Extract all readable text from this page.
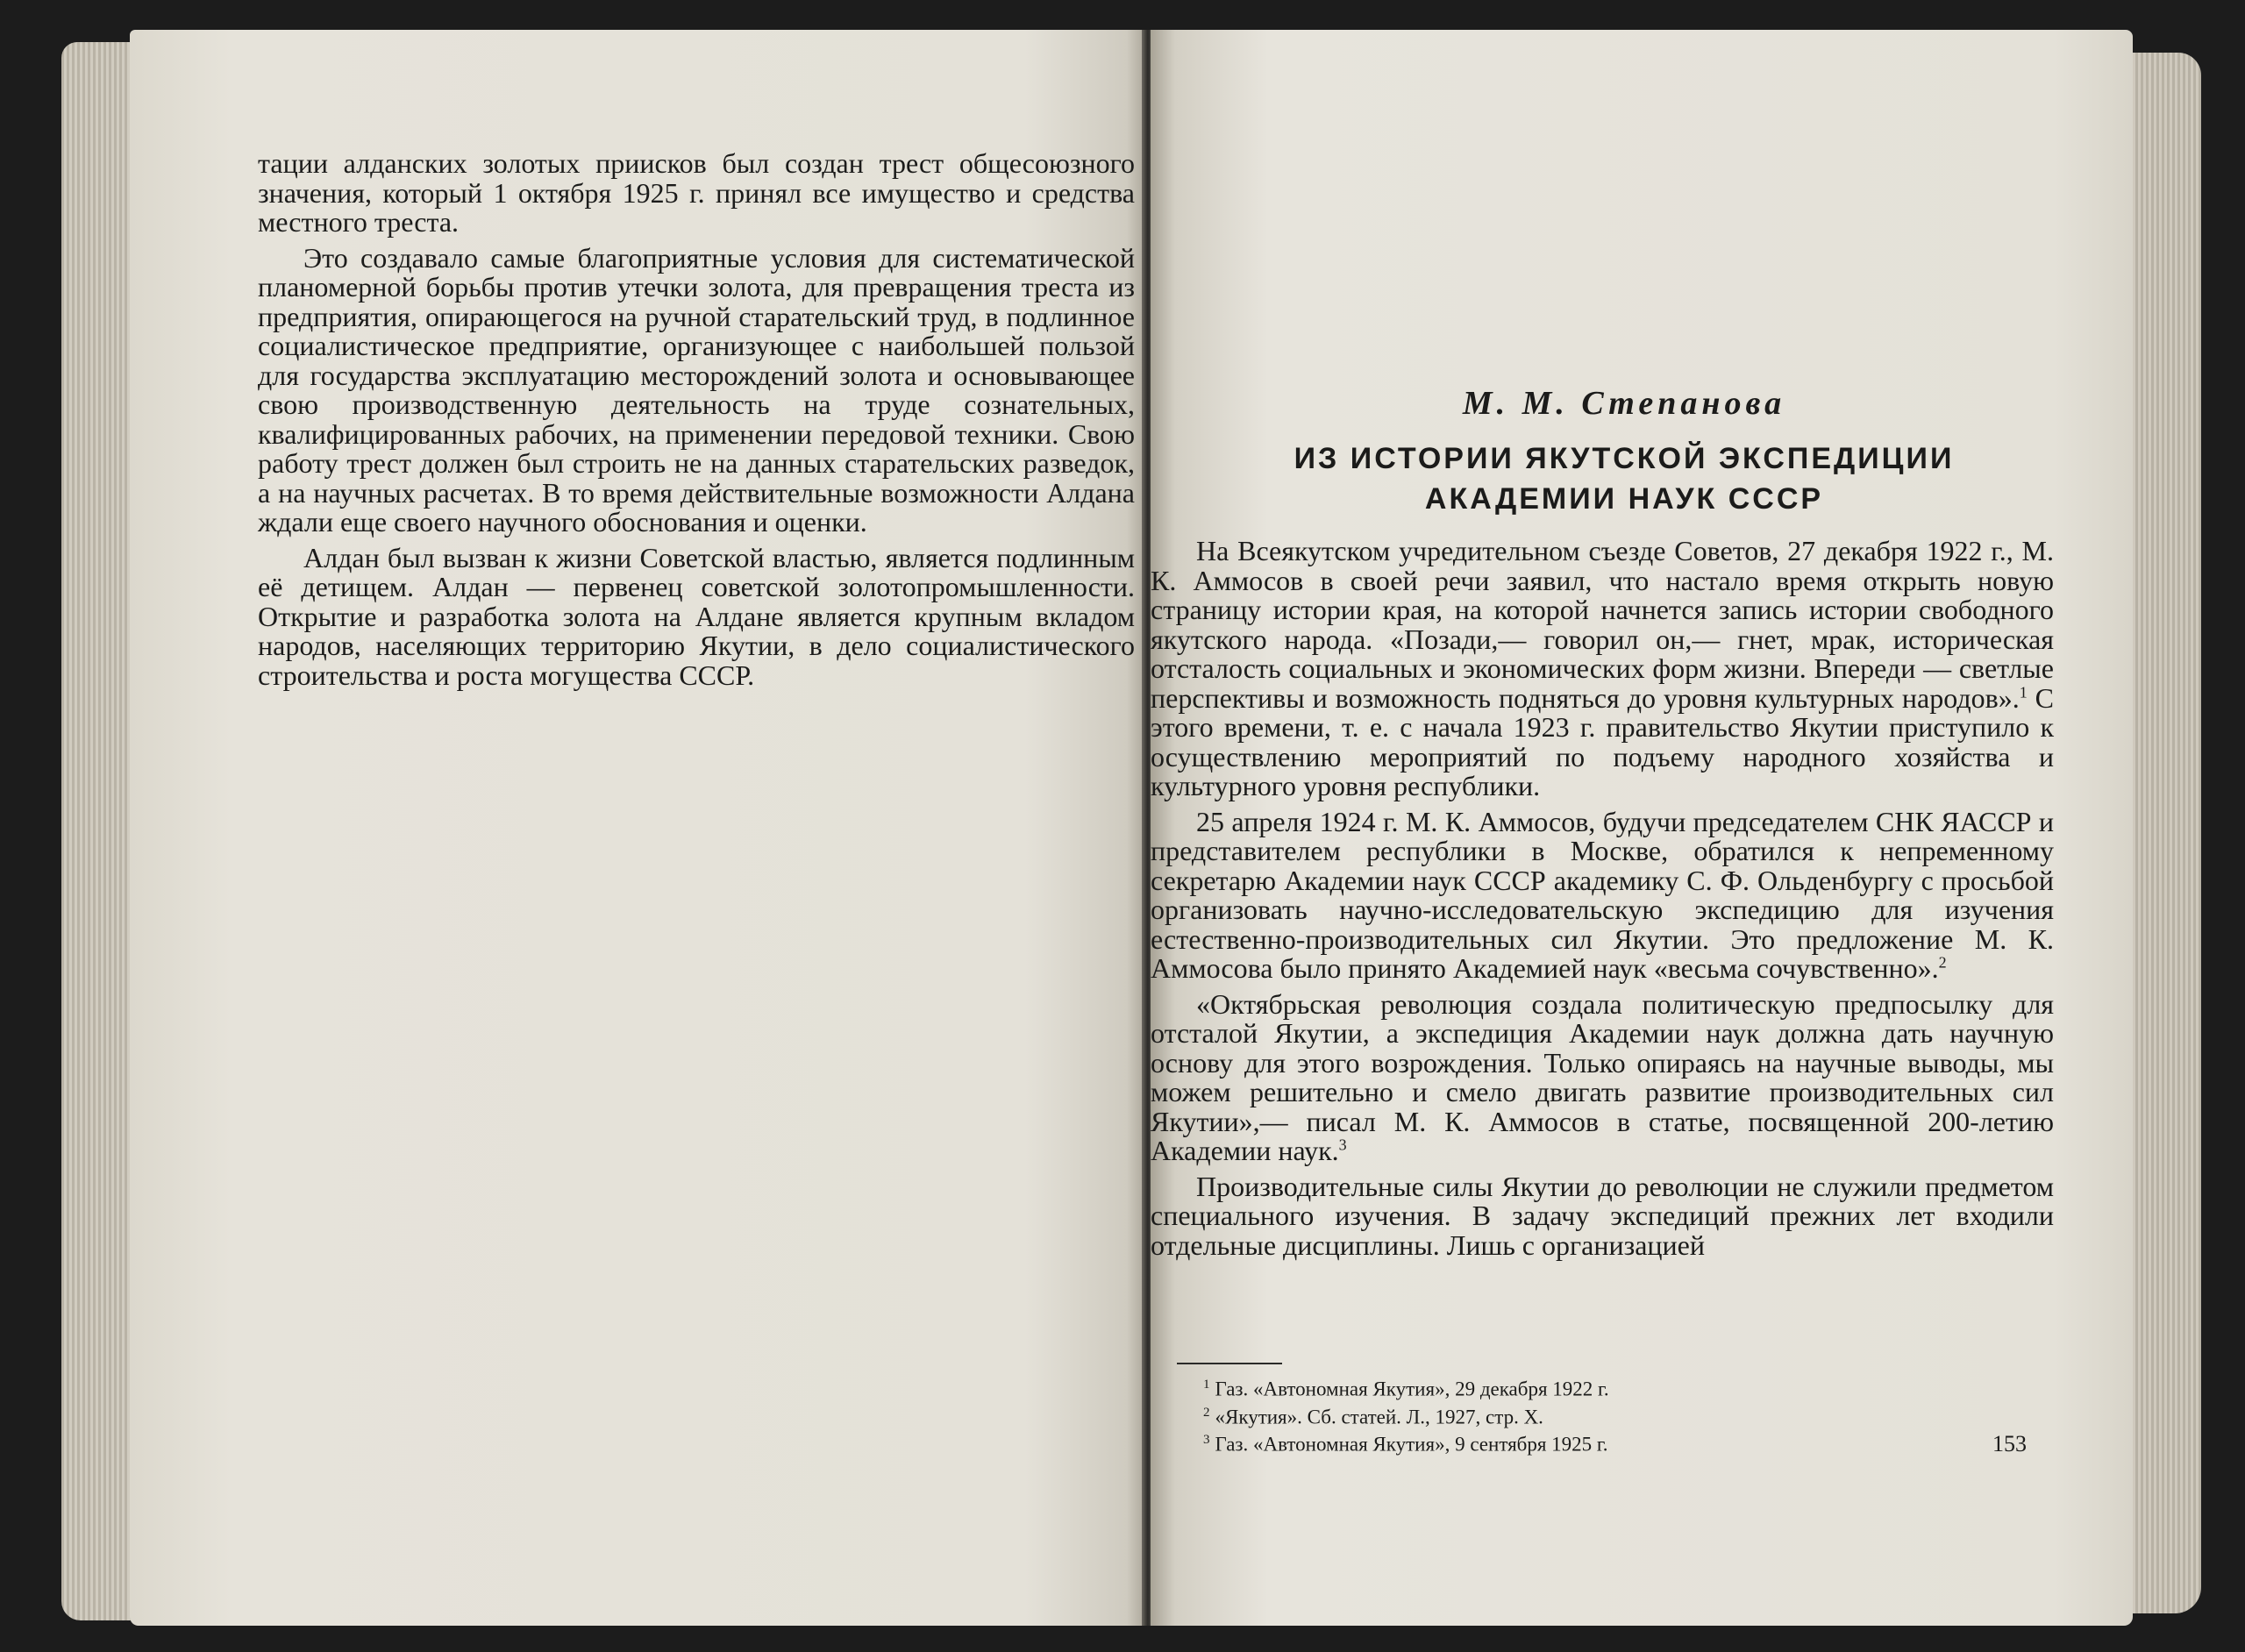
тации алданских золотых приисков был создан трест общесоюзного значения, который 1 октября 1925 г. принял все имущество и средства местного треста.

Это создавало самые благоприятные условия для систематической планомерной борьбы против утечки золота, для превращения треста из предприятия, опирающегося на ручной старательский труд, в подлинное социалистическое предприятие, организующее с наибольшей пользой для государства эксплуатацию месторождений золота и основывающее свою производственную деятельность на труде сознательных, квалифицированных рабочих, на применении передовой техники. Свою работу трест должен был строить не на данных старательских разведок, а на научных расчетах. В то время действительные возможности Алдана ждали еще своего научного обоснования и оценки.

Алдан был вызван к жизни Советской властью, является подлинным её детищем. Алдан — первенец советской золотопромышленности. Открытие и разработка золота на Алдане является крупным вкладом народов, населяющих территорию Якутии, в дело социалистического строительства и роста могущества СССР.

М. М. Степанова
ИЗ ИСТОРИИ ЯКУТСКОЙ ЭКСПЕДИЦИИ
АКАДЕМИИ НАУК СССР

На Всеякутском учредительном съезде Советов, 27 декабря 1922 г., М. К. Аммосов в своей речи заявил, что настало время открыть новую страницу истории края, на которой начнется запись истории свободного якутского народа. «Позади,— говорил он,— гнет, мрак, историческая отсталость социальных и экономических форм жизни. Впереди — светлые перспективы и возможность подняться до уровня культурных народов».$^1$ С этого времени, т. е. с начала 1923 г. правительство Якутии приступило к осуществлению мероприятий по подъему народного хозяйства и культурного уровня республики.

25 апреля 1924 г. М. К. Аммосов, будучи председателем СНК ЯАССР и представителем республики в Москве, обратился к непременному секретарю Академии наук СССР академику С. Ф. Ольденбургу с просьбой организовать научно-исследовательскую экспедицию для изучения естественно-производительных сил Якутии. Это предложение М. К. Аммосова было принято Академией наук «весьма сочувственно».$^2$

«Октябрьская революция создала политическую предпосылку для отсталой Якутии, а экспедиция Академии наук должна дать научную основу для этого возрождения. Только опираясь на научные выводы, мы можем решительно и смело двигать развитие производительных сил Якутии»,— писал М. К. Аммосов в статье, посвященной 200-летию Академии наук.$^3$

Производительные силы Якутии до революции не служили предметом специального изучения. В задачу экспедиций прежних лет входили отдельные дисциплины. Лишь с организацией

$^1$ Газ. «Автономная Якутия», 29 декабря 1922 г.
$^2$ «Якутия». Сб. статей. Л., 1927, стр. X.
$^3$ Газ. «Автономная Якутия», 9 сентября 1925 г.	153
